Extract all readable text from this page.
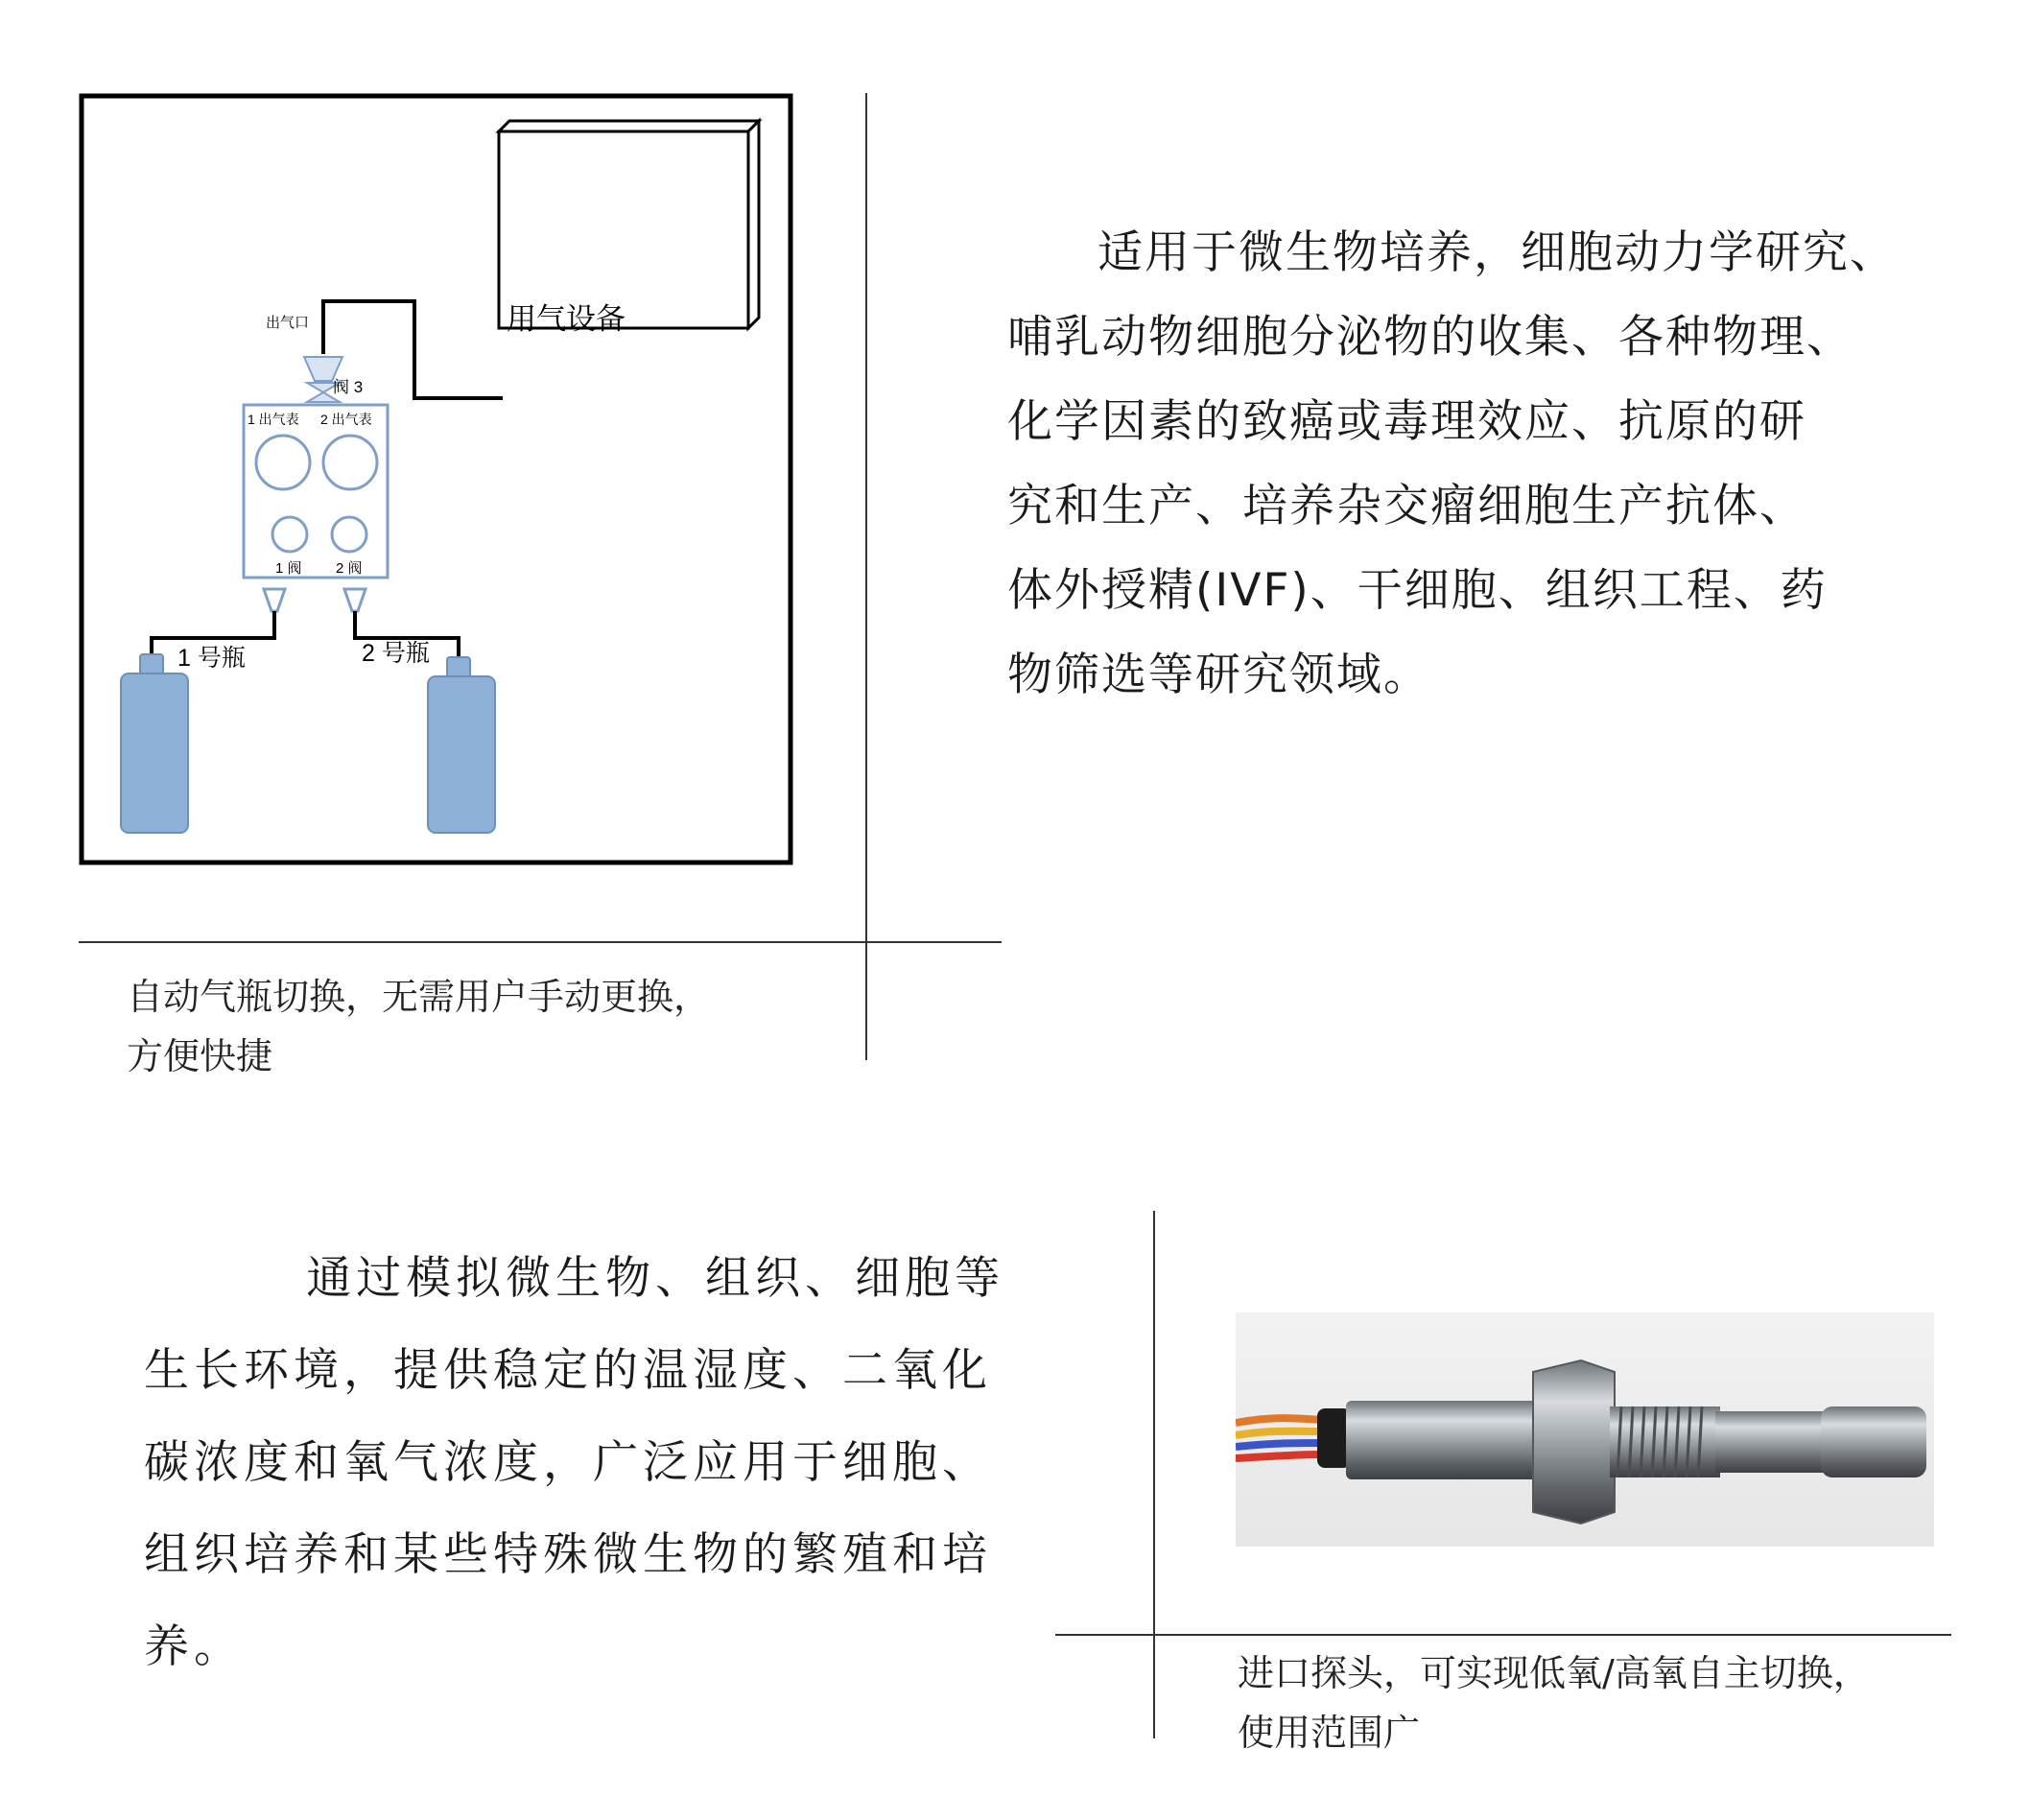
用气设备
出气口
阀 3
1 出气表 2 出气表
1 阀 2 阀
1 号瓶	2 号瓶

适用于微生物培养，细胞动力学研究、
哺乳动物细胞分泌物的收集、各种物理、
化学因素的致癌或毒理效应、抗原的研
究和生产、培养杂交瘤细胞生产抗体、
体外授精(IVF)、干细胞、组织工程、药
物筛选等研究领域。

自动气瓶切换，无需用户手动更换，
方便快捷

通过模拟微生物、组织、细胞等
生长环境，提供稳定的温湿度、二氧化
碳浓度和氧气浓度，广泛应用于细胞、
组织培养和某些特殊微生物的繁殖和培
养。	进口探头，可实现低氧/高氧自主切换，
使用范围广
